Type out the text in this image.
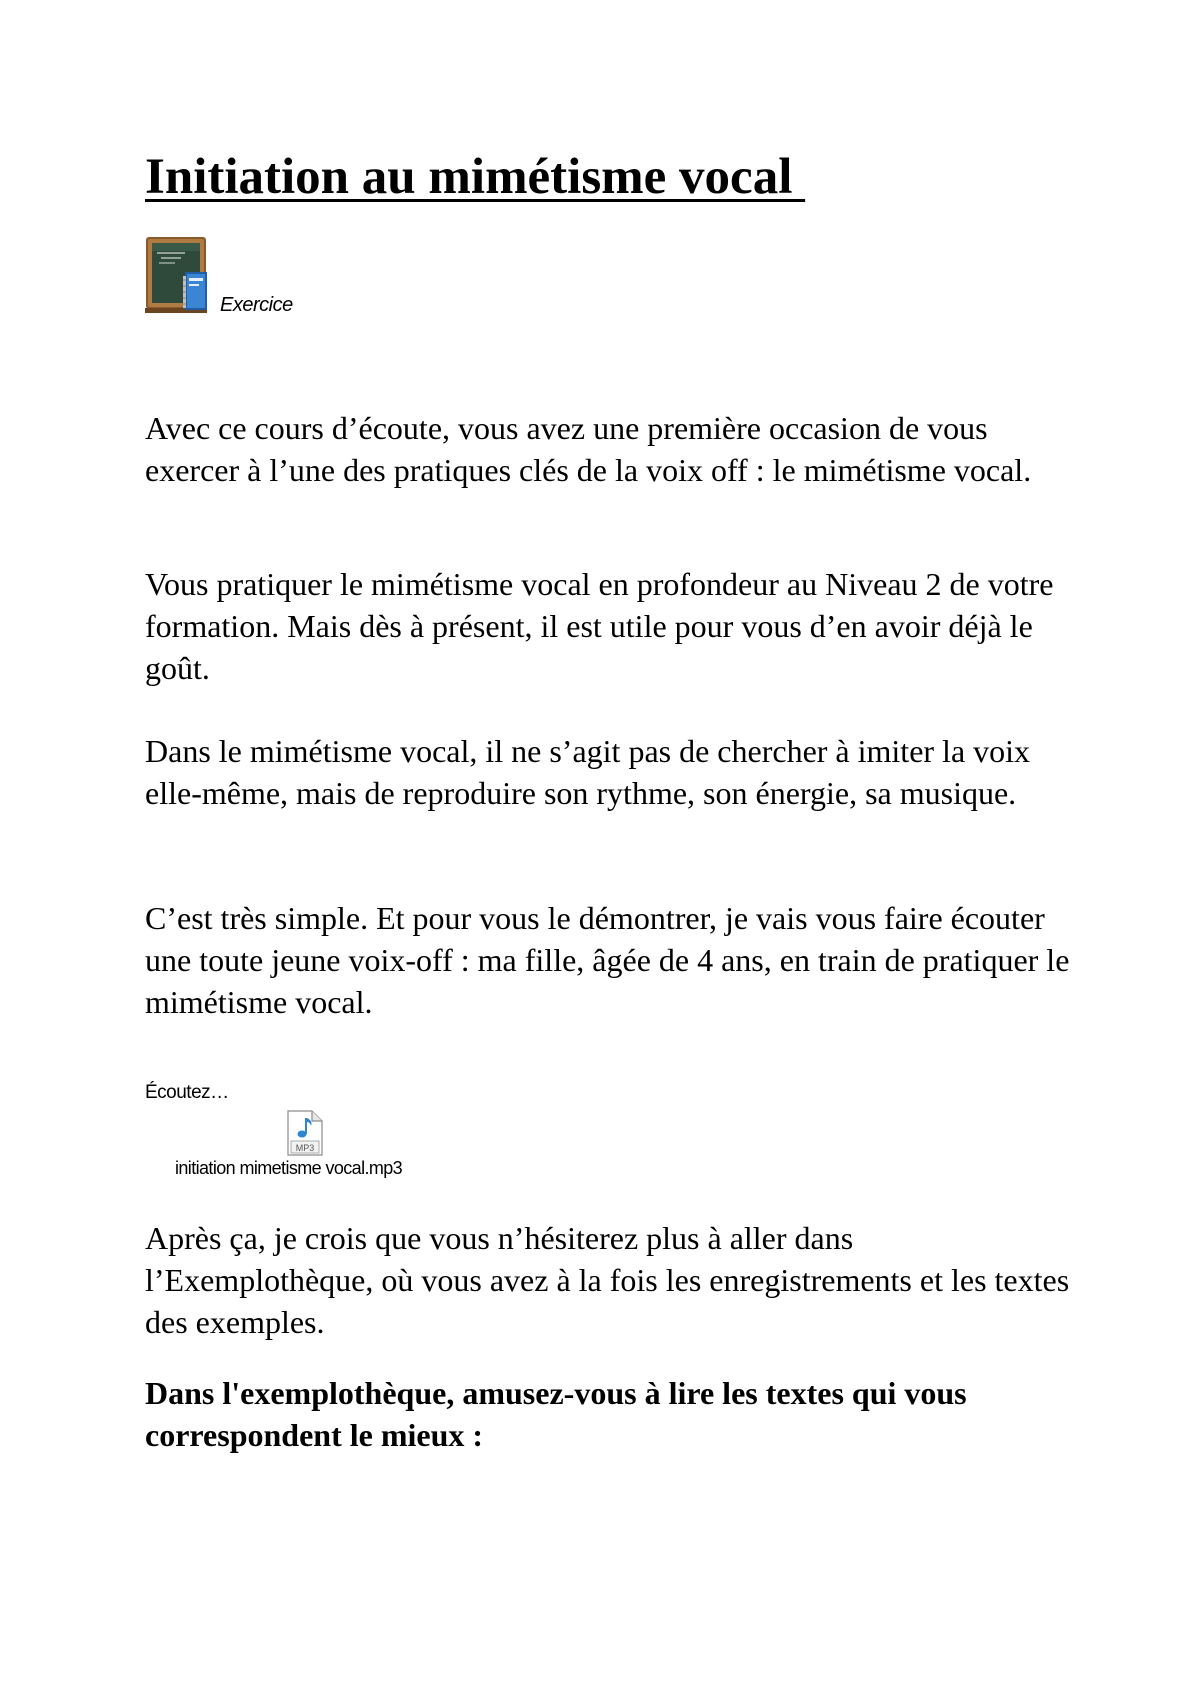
Initiation au mimétisme vocal
Exercice

Avec ce cours d’écoute, vous avez une première occasion de vous exercer à l’une des pratiques clés de la voix off : le mimétisme vocal.

Vous pratiquer le mimétisme vocal en profondeur au Niveau 2 de votre formation. Mais dès à présent, il est utile pour vous d’en avoir déjà le goût.

Dans le mimétisme vocal, il ne s’agit pas de chercher à imiter la voix elle-même, mais de reproduire son rythme, son énergie, sa musique.

C’est très simple. Et pour vous le démontrer, je vais vous faire écouter une toute jeune voix-off : ma fille, âgée de 4 ans, en train de pratiquer le mimétisme vocal.

Écoutez…
MP3
initiation mimetisme vocal.mp3

Après ça, je crois que vous n’hésiterez plus à aller dans l’Exemplothèque, où vous avez à la fois les enregistrements et les textes des exemples.

Dans l'exemplothèque, amusez-vous à lire les textes qui vous correspondent le mieux :
